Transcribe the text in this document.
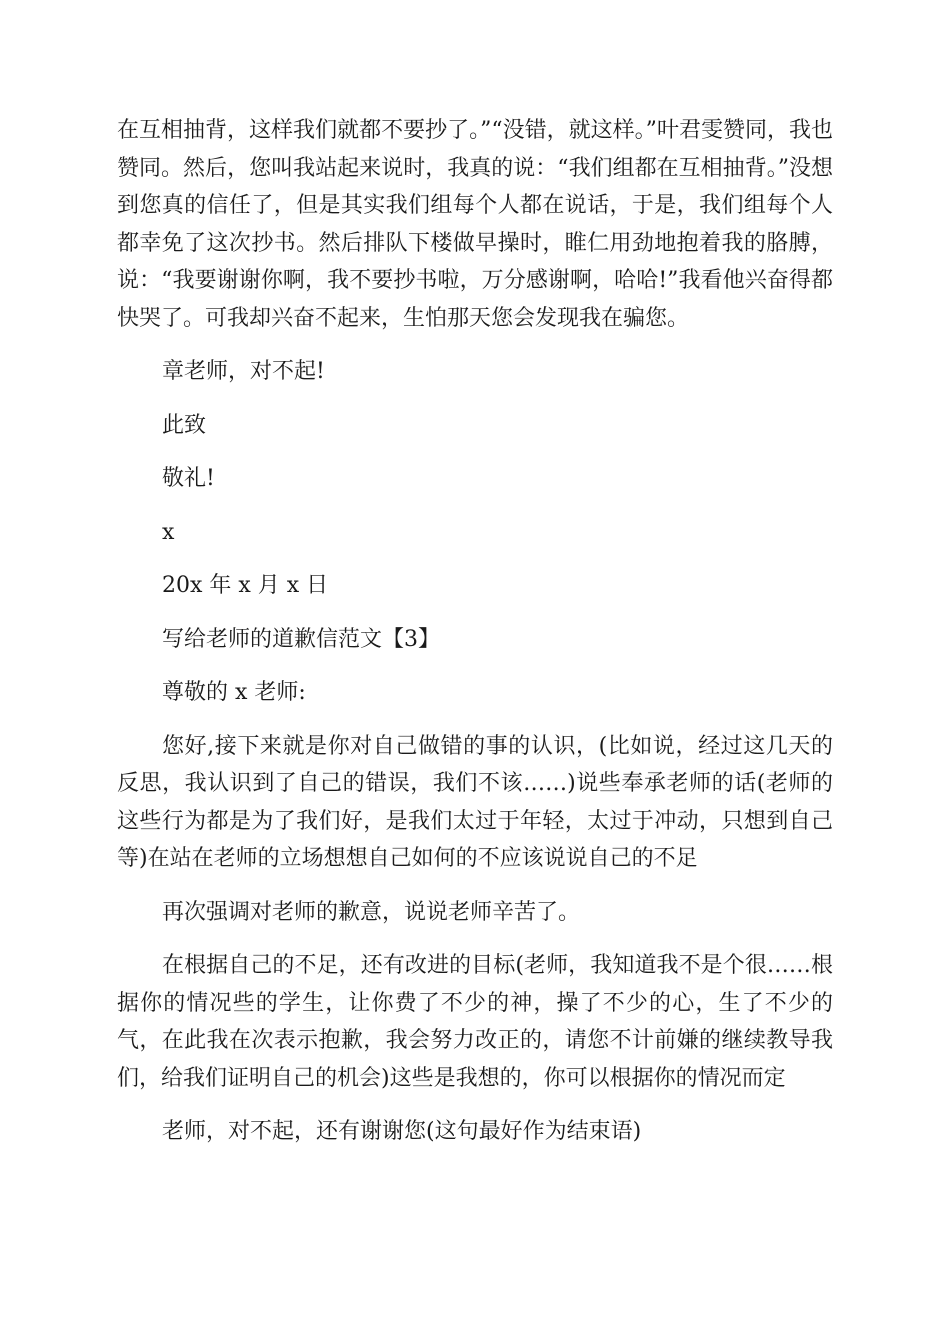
在互相抽背，这样我们就都不要抄了。”“没错，就这样。”叶君雯赞同，我也赞同。然后，您叫我站起来说时，我真的说：“我们组都在互相抽背。”没想到您真的信任了，但是其实我们组每个人都在说话，于是，我们组每个人都幸免了这次抄书。然后排队下楼做早操时，睢仁用劲地抱着我的胳膊，说：“我要谢谢你啊，我不要抄书啦，万分感谢啊，哈哈!”我看他兴奋得都快哭了。可我却兴奋不起来，生怕那天您会发现我在骗您。

章老师，对不起!

此致

敬礼!

x

20x 年 x 月 x 日

写给老师的道歉信范文【3】

尊敬的 x 老师:

您好,接下来就是你对自己做错的事的认识，(比如说，经过这几天的反思，我认识到了自己的错误，我们不该……)说些奉承老师的话(老师的这些行为都是为了我们好，是我们太过于年轻，太过于冲动，只想到自己等)在站在老师的立场想想自己如何的不应该说说自己的不足

再次强调对老师的歉意，说说老师辛苦了。

在根据自己的不足，还有改进的目标(老师，我知道我不是个很……根据你的情况些的学生，让你费了不少的神，操了不少的心，生了不少的气，在此我在次表示抱歉，我会努力改正的，请您不计前嫌的继续教导我们，给我们证明自己的机会)这些是我想的，你可以根据你的情况而定

老师，对不起，还有谢谢您(这句最好作为结束语)
